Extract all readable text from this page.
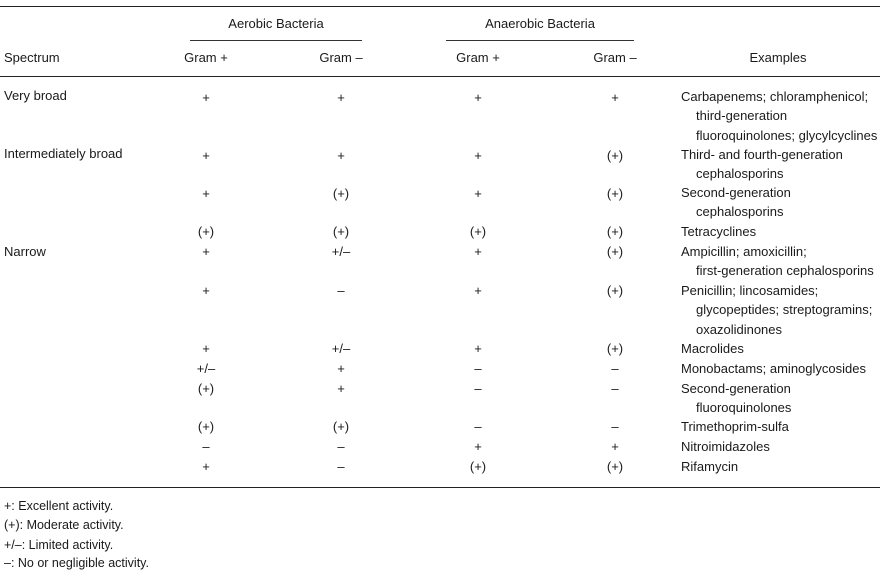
Aerobic Bacteria	Anaerobic Bacteria
Spectrum	Gram +	Gram –	Gram +	Gram –	Examples
Very broad	+	+	+	+	Carbapenems; chloramphenicol;
third-generation
fluoroquinolones; glycylcyclines
Intermediately broad	+	+	+	(+)	Third- and fourth-generation
cephalosporins
+	(+)	+	(+)	Second-generation
cephalosporins
(+)	(+)	(+)	(+)	Tetracyclines
Narrow	+	+/–	+	(+)	Ampicillin; amoxicillin;
first-generation cephalosporins
+	–	+	(+)	Penicillin; lincosamides;
glycopeptides; streptogramins;
oxazolidinones
+	+/–	+	(+)	Macrolides
+/–	+	–	–	Monobactams; aminoglycosides
(+)	+	–	–	Second-generation
fluoroquinolones
(+)	(+)	–	–	Trimethoprim-sulfa
–	–	+	+	Nitroimidazoles
+	–	(+)	(+)	Rifamycin
+: Excellent activity.
(+): Moderate activity.
+/–: Limited activity.
–: No or negligible activity.
